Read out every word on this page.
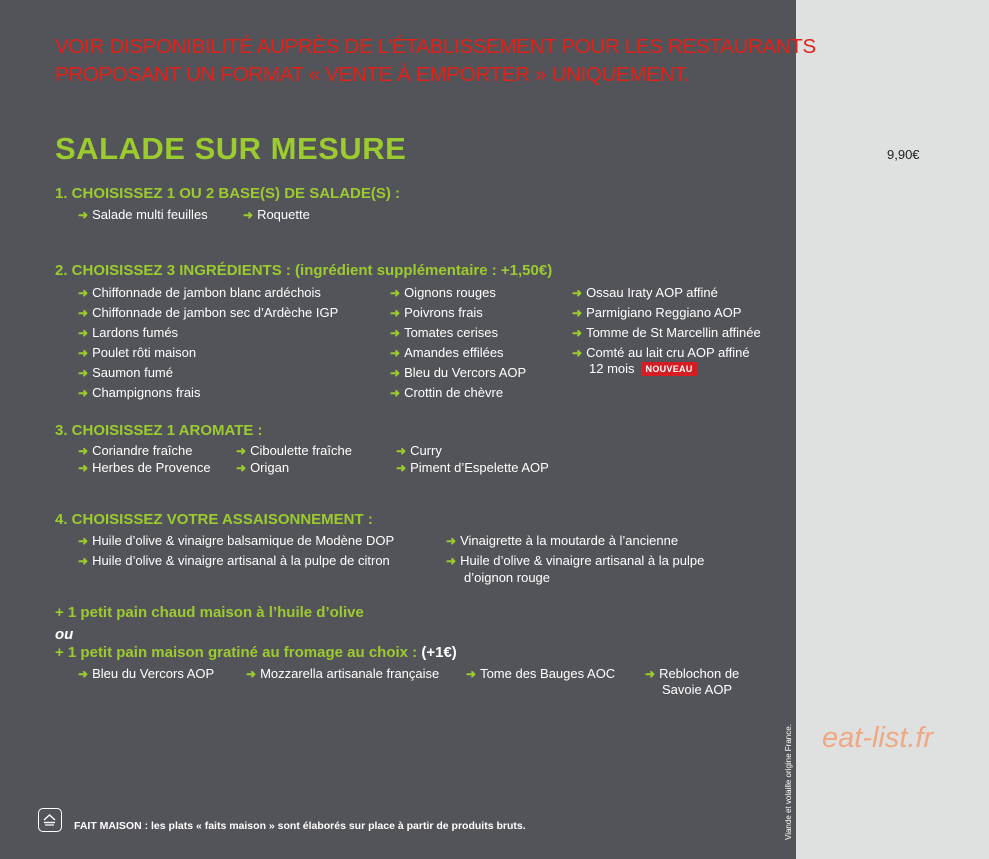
VOIR DISPONIBILITÉ AUPRÈS DE L’ÉTABLISSEMENT POUR LES RESTAURANTS
PROPOSANT UN FORMAT « VENTE À EMPORTER » UNIQUEMENT.
SALADE SUR MESURE	9,90€
1. CHOISISSEZ 1 OU 2 BASE(S) DE SALADE(S) :
➜ Salade multi feuilles	➜ Roquette
2. CHOISISSEZ 3 INGRÉDIENTS : (ingrédient supplémentaire : +1,50€)
➜ Chiffonnade de jambon blanc ardéchois
➜ Chiffonnade de jambon sec d’Ardèche IGP
➜ Lardons fumés
➜ Poulet rôti maison
➜ Saumon fumé
➜ Champignons frais
➜ Oignons rouges
➜ Poivrons frais
➜ Tomates cerises
➜ Amandes effilées
➜ Bleu du Vercors AOP
➜ Crottin de chèvre
➜ Ossau Iraty AOP affiné
➜ Parmigiano Reggiano AOP
➜ Tomme de St Marcellin affinée
➜ Comté au lait cru AOP affiné
12 mois NOUVEAU
3. CHOISISSEZ 1 AROMATE :
➜ Coriandre fraîche	➜ Ciboulette fraîche	➜ Curry
➜ Herbes de Provence ➜ Origan	➜ Piment d’Espelette AOP
4. CHOISISSEZ VOTRE ASSAISONNEMENT :
➜ Huile d’olive & vinaigre balsamique de Modène DOP	➜ Vinaigrette à la moutarde à l’ancienne
➜ Huile d’olive & vinaigre artisanal à la pulpe de citron	➜ Huile d’olive & vinaigre artisanal à la pulpe
d’oignon rouge
+ 1 petit pain chaud maison à l’huile d’olive
ou
+ 1 petit pain maison gratiné au fromage au choix : (+1€)
➜ Bleu du Vercors AOP	➜ Mozzarella artisanale française ➜ Tome des Bauges AOC ➜ Reblochon de
Savoie AOP
FAIT MAISON : les plats « faits maison » sont élaborés sur place à partir de produits bruts.	Viande et volaille origine France. eat-list.fr
